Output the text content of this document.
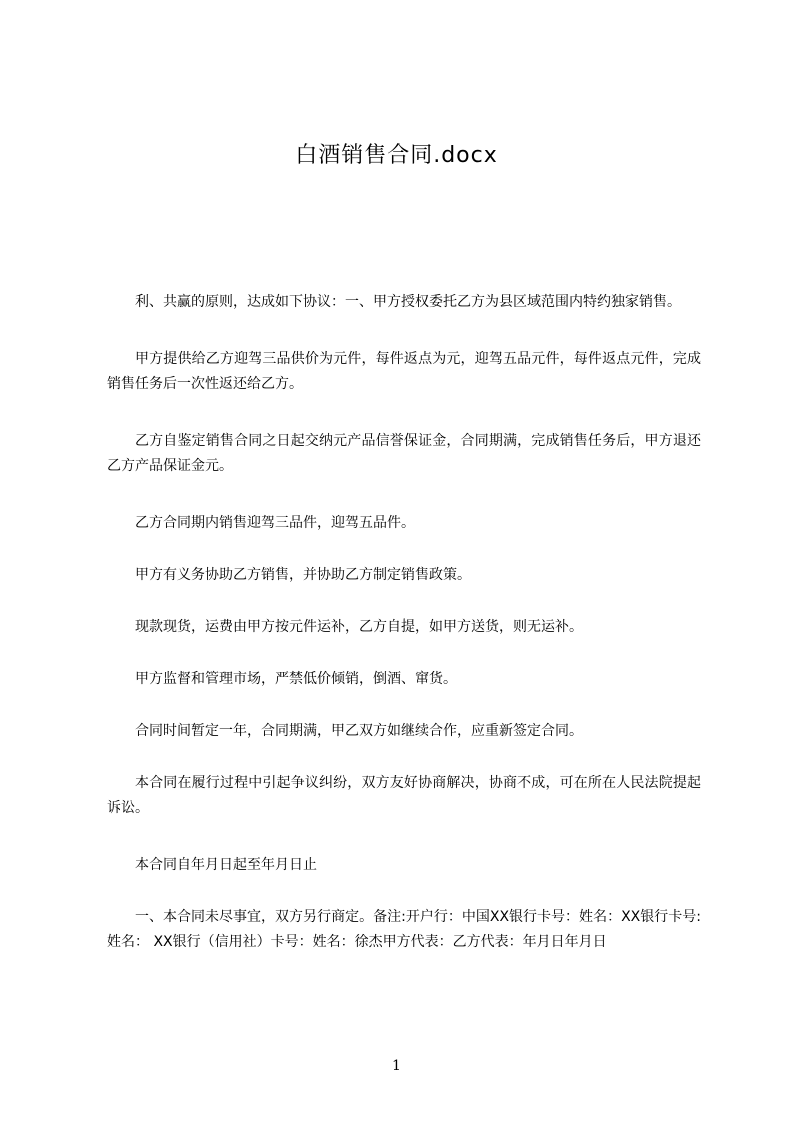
白酒销售合同.docx

利、共赢的原则，达成如下协议：一、甲方授权委托乙方为县区域范围内特约独家销售。

甲方提供给乙方迎驾三品供价为元件，每件返点为元，迎驾五品元件，每件返点元件，完成销售任务后一次性返还给乙方。

乙方自鉴定销售合同之日起交纳元产品信誉保证金，合同期满，完成销售任务后，甲方退还乙方产品保证金元。

乙方合同期内销售迎驾三品件，迎驾五品件。

甲方有义务协助乙方销售，并协助乙方制定销售政策。

现款现货，运费由甲方按元件运补，乙方自提，如甲方送货，则无运补。

甲方监督和管理市场，严禁低价倾销，倒酒、窜货。

合同时间暂定一年，合同期满，甲乙双方如继续合作，应重新签定合同。

本合同在履行过程中引起争议纠纷，双方友好协商解决，协商不成，可在所在人民法院提起诉讼。

本合同自年月日起至年月日止

一、本合同未尽事宜，双方另行商定。备注:开户行：中国XX银行卡号：姓名：XX银行卡号:姓名： XX银行（信用社）卡号：姓名：徐杰甲方代表：乙方代表：年月日年月日

1
